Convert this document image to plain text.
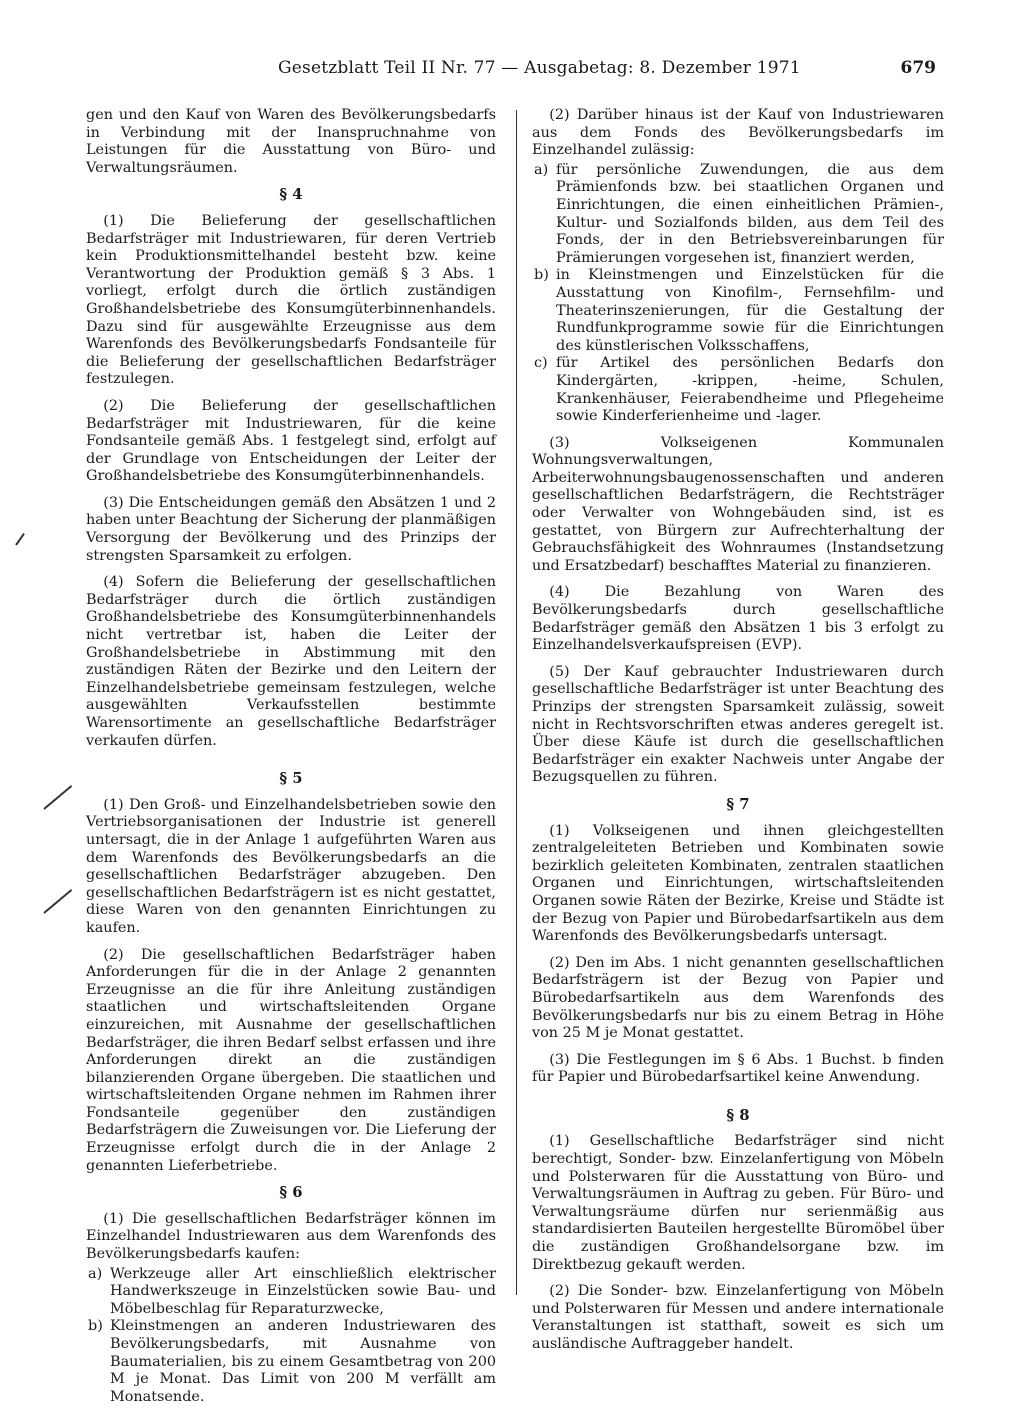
Gesetzblatt Teil II Nr. 77 — Ausgabetag: 8. Dezember 1971	679

gen und den Kauf von Waren des Bevölkerungsbedarfs in Verbindung mit der Inanspruchnahme von Leistungen für die Ausstattung von Büro- und Verwaltungsräumen.

§ 4

(1) Die Belieferung der gesellschaftlichen Bedarfsträger mit Industriewaren, für deren Vertrieb kein Produktionsmittelhandel besteht bzw. keine Verantwortung der Produktion gemäß § 3 Abs. 1 vorliegt, erfolgt durch die örtlich zuständigen Großhandelsbetriebe des Konsumgüterbinnenhandels. Dazu sind für ausgewählte Erzeugnisse aus dem Warenfonds des Bevölkerungsbedarfs Fondsanteile für die Belieferung der gesellschaftlichen Bedarfsträger festzulegen.

(2) Die Belieferung der gesellschaftlichen Bedarfsträger mit Industriewaren, für die keine Fondsanteile gemäß Abs. 1 festgelegt sind, erfolgt auf der Grundlage von Entscheidungen der Leiter der Großhandelsbetriebe des Konsumgüterbinnenhandels.

(3) Die Entscheidungen gemäß den Absätzen 1 und 2 haben unter Beachtung der Sicherung der planmäßigen Versorgung der Bevölkerung und des Prinzips der strengsten Sparsamkeit zu erfolgen.

(4) Sofern die Belieferung der gesellschaftlichen Bedarfsträger durch die örtlich zuständigen Großhandelsbetriebe des Konsumgüterbinnenhandels nicht vertretbar ist, haben die Leiter der Großhandelsbetriebe in Abstimmung mit den zuständigen Räten der Bezirke und den Leitern der Einzelhandelsbetriebe gemeinsam festzulegen, welche ausgewählten Verkaufsstellen bestimmte Warensortimente an gesellschaftliche Bedarfsträger verkaufen dürfen.

§ 5

(1) Den Groß- und Einzelhandelsbetrieben sowie den Vertriebsorganisationen der Industrie ist generell untersagt, die in der Anlage 1 aufgeführten Waren aus dem Warenfonds des Bevölkerungsbedarfs an die gesellschaftlichen Bedarfsträger abzugeben. Den gesellschaftlichen Bedarfsträgern ist es nicht gestattet, diese Waren von den genannten Einrichtungen zu kaufen.

(2) Die gesellschaftlichen Bedarfsträger haben Anforderungen für die in der Anlage 2 genannten Erzeugnisse an die für ihre Anleitung zuständigen staatlichen und wirtschaftsleitenden Organe einzureichen, mit Ausnahme der gesellschaftlichen Bedarfsträger, die ihren Bedarf selbst erfassen und ihre Anforderungen direkt an die zuständigen bilanzierenden Organe übergeben. Die staatlichen und wirtschaftsleitenden Organe nehmen im Rahmen ihrer Fondsanteile gegenüber den zuständigen Bedarfsträgern die Zuweisungen vor. Die Lieferung der Erzeugnisse erfolgt durch die in der Anlage 2 genannten Lieferbetriebe.

§ 6

(1) Die gesellschaftlichen Bedarfsträger können im Einzelhandel Industriewaren aus dem Warenfonds des Bevölkerungsbedarfs kaufen:

a) Werkzeuge aller Art einschließlich elektrischer Handwerkszeuge in Einzelstücken sowie Bau- und Möbelbeschlag für Reparaturzwecke,
b) Kleinstmengen an anderen Industriewaren des Bevölkerungsbedarfs, mit Ausnahme von Baumaterialien, bis zu einem Gesamtbetrag von 200 M je Monat. Das Limit von 200 M verfällt am Monatsende.

(2) Darüber hinaus ist der Kauf von Industriewaren aus dem Fonds des Bevölkerungsbedarfs im Einzelhandel zulässig:

a) für persönliche Zuwendungen, die aus dem Prämienfonds bzw. bei staatlichen Organen und Einrichtungen, die einen einheitlichen Prämien-, Kultur- und Sozialfonds bilden, aus dem Teil des Fonds, der in den Betriebsvereinbarungen für Prämierungen vorgesehen ist, finanziert werden,
b) in Kleinstmengen und Einzelstücken für die Ausstattung von Kinofilm-, Fernsehfilm- und Theaterinszenierungen, für die Gestaltung der Rundfunkprogramme sowie für die Einrichtungen des künstlerischen Volksschaffens,
c) für Artikel des persönlichen Bedarfs don Kindergärten, -krippen, -heime, Schulen, Krankenhäuser, Feierabendheime und Pflegeheime sowie Kinderferienheime und -lager.

(3) Volkseigenen Kommunalen Wohnungsverwaltungen, Arbeiterwohnungsbaugenossenschaften und anderen gesellschaftlichen Bedarfsträgern, die Rechtsträger oder Verwalter von Wohngebäuden sind, ist es gestattet, von Bürgern zur Aufrechterhaltung der Gebrauchsfähigkeit des Wohnraumes (Instandsetzung und Ersatzbedarf) beschafftes Material zu finanzieren.

(4) Die Bezahlung von Waren des Bevölkerungsbedarfs durch gesellschaftliche Bedarfsträger gemäß den Absätzen 1 bis 3 erfolgt zu Einzelhandelsverkaufspreisen (EVP).

(5) Der Kauf gebrauchter Industriewaren durch gesellschaftliche Bedarfsträger ist unter Beachtung des Prinzips der strengsten Sparsamkeit zulässig, soweit nicht in Rechtsvorschriften etwas anderes geregelt ist. Über diese Käufe ist durch die gesellschaftlichen Bedarfsträger ein exakter Nachweis unter Angabe der Bezugsquellen zu führen.

§ 7

(1) Volkseigenen und ihnen gleichgestellten zentralgeleiteten Betrieben und Kombinaten sowie bezirklich geleiteten Kombinaten, zentralen staatlichen Organen und Einrichtungen, wirtschaftsleitenden Organen sowie Räten der Bezirke, Kreise und Städte ist der Bezug von Papier und Bürobedarfsartikeln aus dem Warenfonds des Bevölkerungsbedarfs untersagt.

(2) Den im Abs. 1 nicht genannten gesellschaftlichen Bedarfsträgern ist der Bezug von Papier und Bürobedarfsartikeln aus dem Warenfonds des Bevölkerungsbedarfs nur bis zu einem Betrag in Höhe von 25 M je Monat gestattet.

(3) Die Festlegungen im § 6 Abs. 1 Buchst. b finden für Papier und Bürobedarfsartikel keine Anwendung.

§ 8

(1) Gesellschaftliche Bedarfsträger sind nicht berechtigt, Sonder- bzw. Einzelanfertigung von Möbeln und Polsterwaren für die Ausstattung von Büro- und Verwaltungsräumen in Auftrag zu geben. Für Büro- und Verwaltungsräume dürfen nur serienmäßig aus standardisierten Bauteilen hergestellte Büromöbel über die zuständigen Großhandelsorgane bzw. im Direktbezug gekauft werden.

(2) Die Sonder- bzw. Einzelanfertigung von Möbeln und Polsterwaren für Messen und andere internationale Veranstaltungen ist statthaft, soweit es sich um ausländische Auftraggeber handelt.
